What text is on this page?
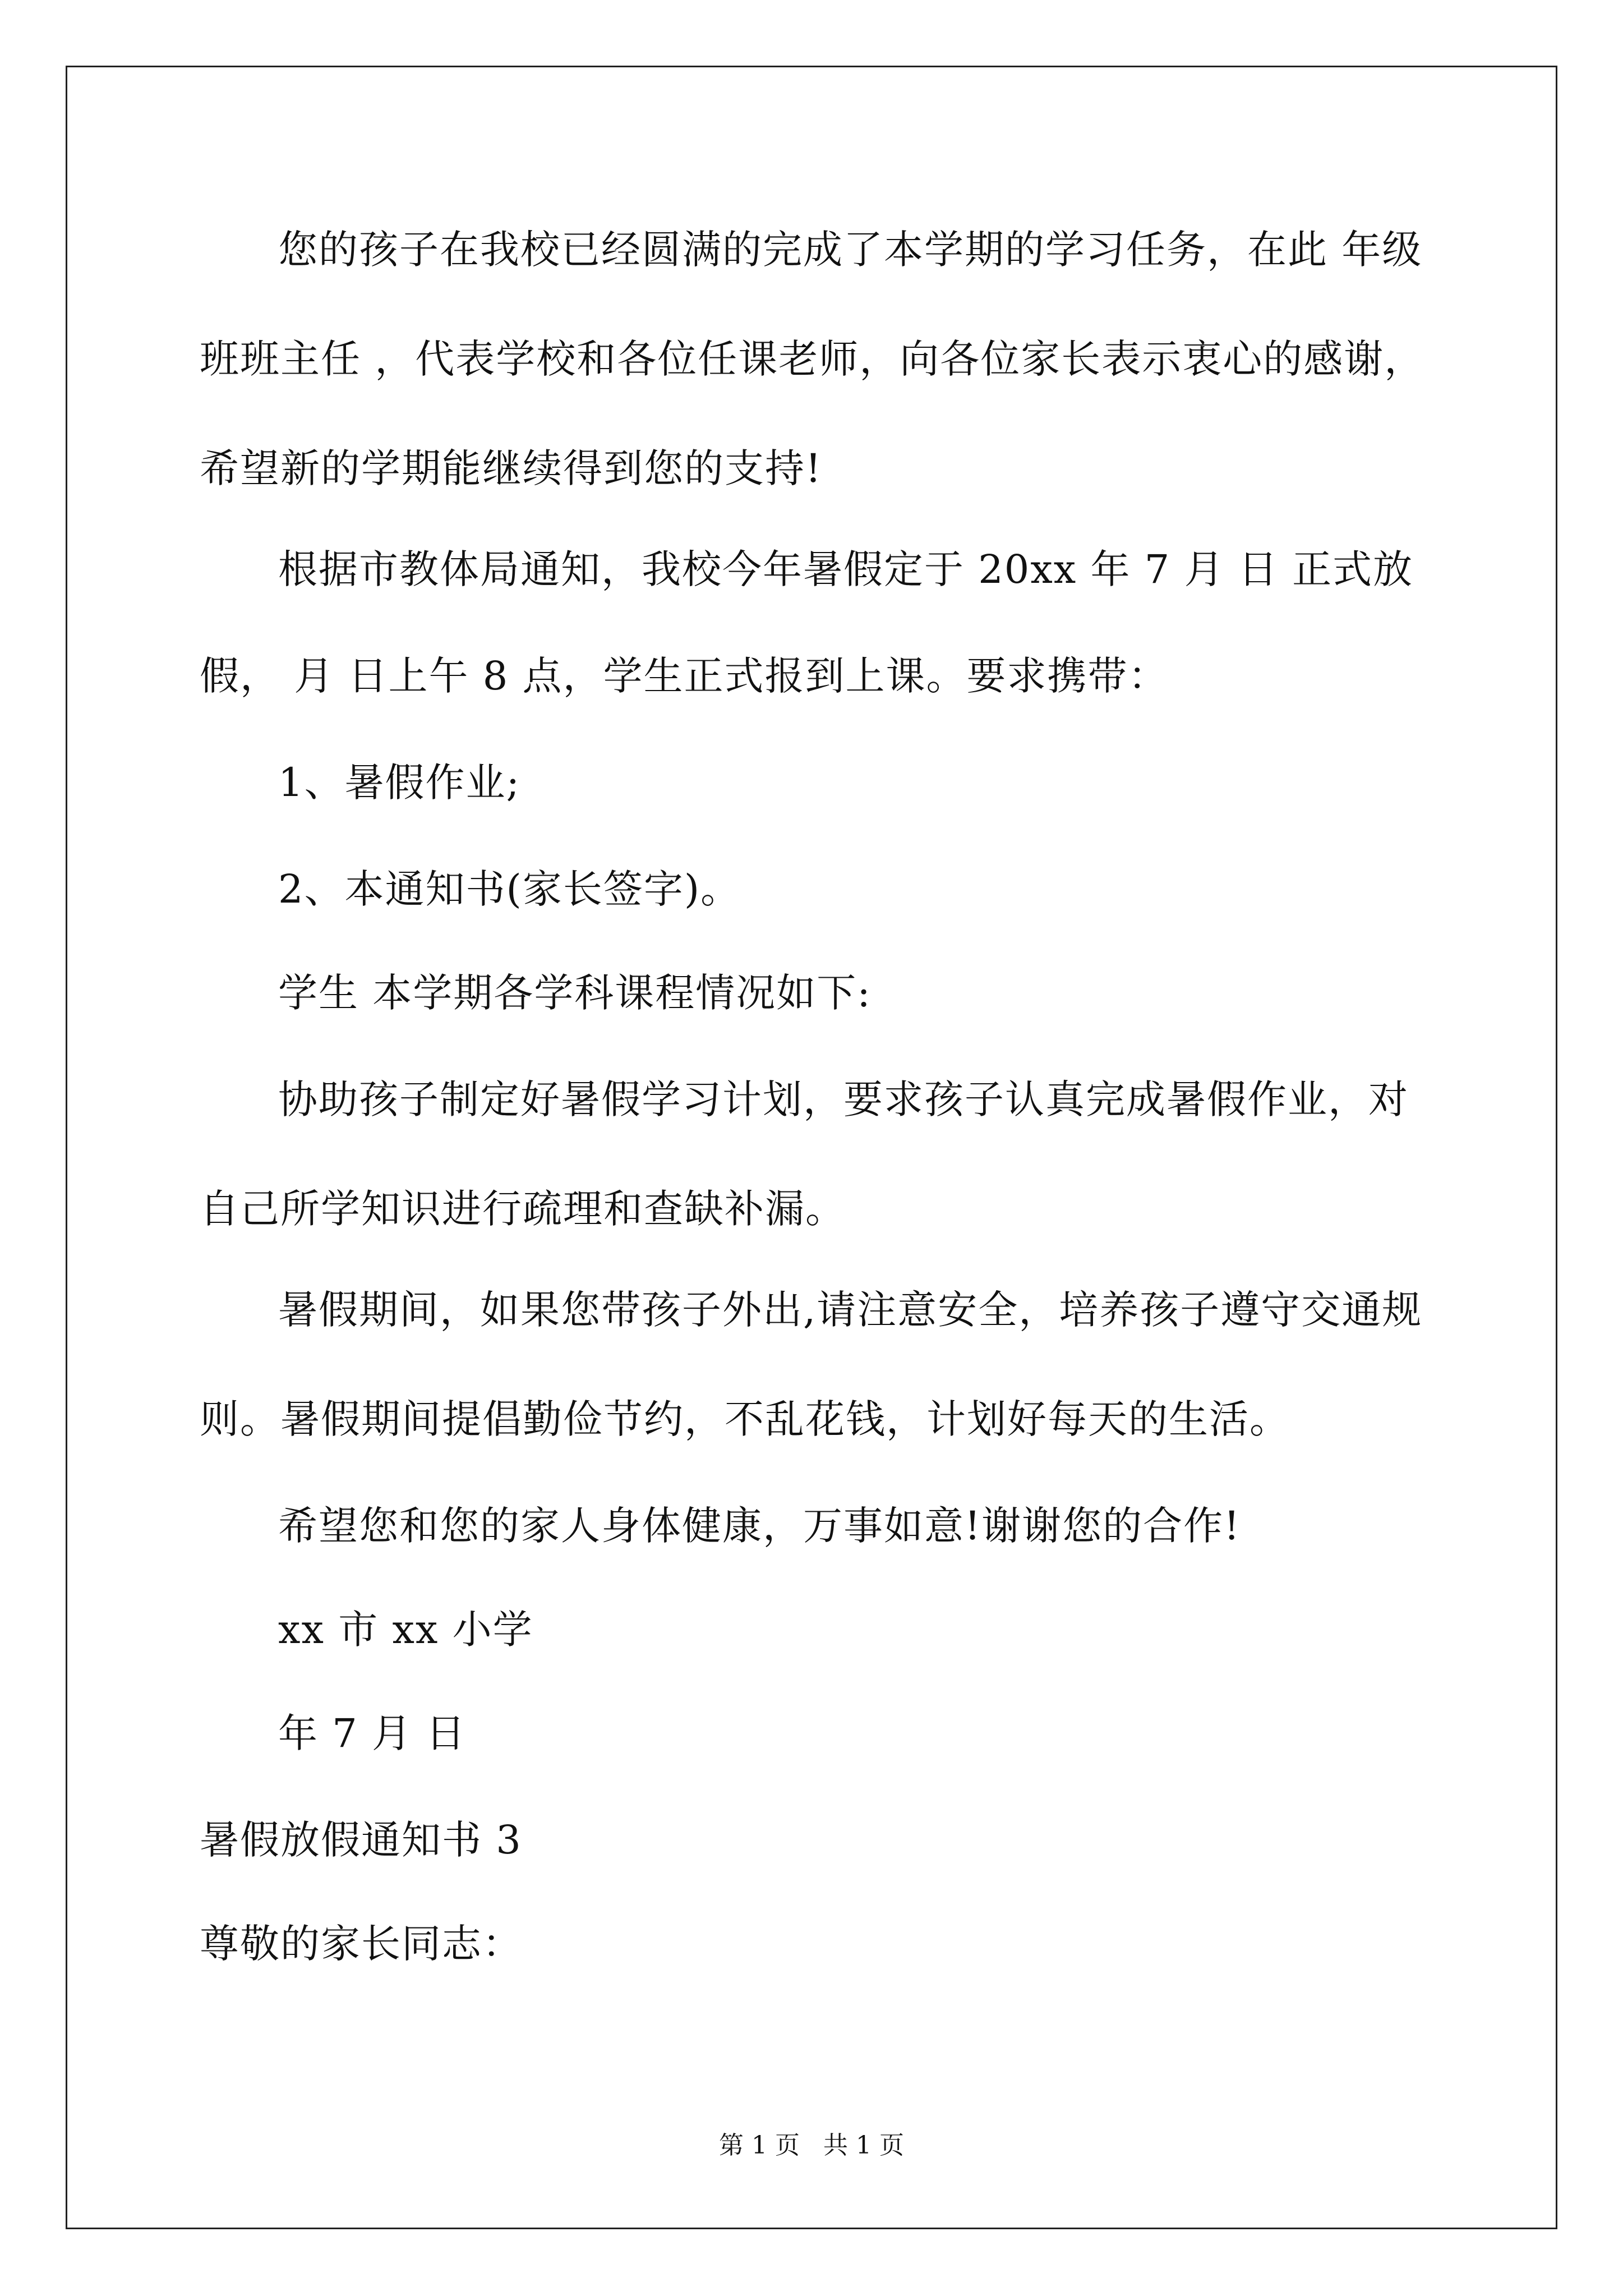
您的孩子在我校已经圆满的完成了本学期的学习任务，在此 年级
班班主任 ，代表学校和各位任课老师，向各位家长表示衷心的感谢，
希望新的学期能继续得到您的支持!
根据市教体局通知，我校今年暑假定于 20xx 年 7 月 日 正式放
假， 月 日上午 8 点，学生正式报到上课。要求携带：
1、暑假作业;
2、本通知书(家长签字)。
学生 本学期各学科课程情况如下:
协助孩子制定好暑假学习计划，要求孩子认真完成暑假作业，对
自己所学知识进行疏理和查缺补漏。
暑假期间，如果您带孩子外出,请注意安全，培养孩子遵守交通规
则。暑假期间提倡勤俭节约，不乱花钱，计划好每天的生活。
希望您和您的家人身体健康，万事如意!谢谢您的合作!
xx 市 xx 小学
年 7 月 日
暑假放假通知书 3
尊敬的家长同志：
第 1 页   共 1 页
